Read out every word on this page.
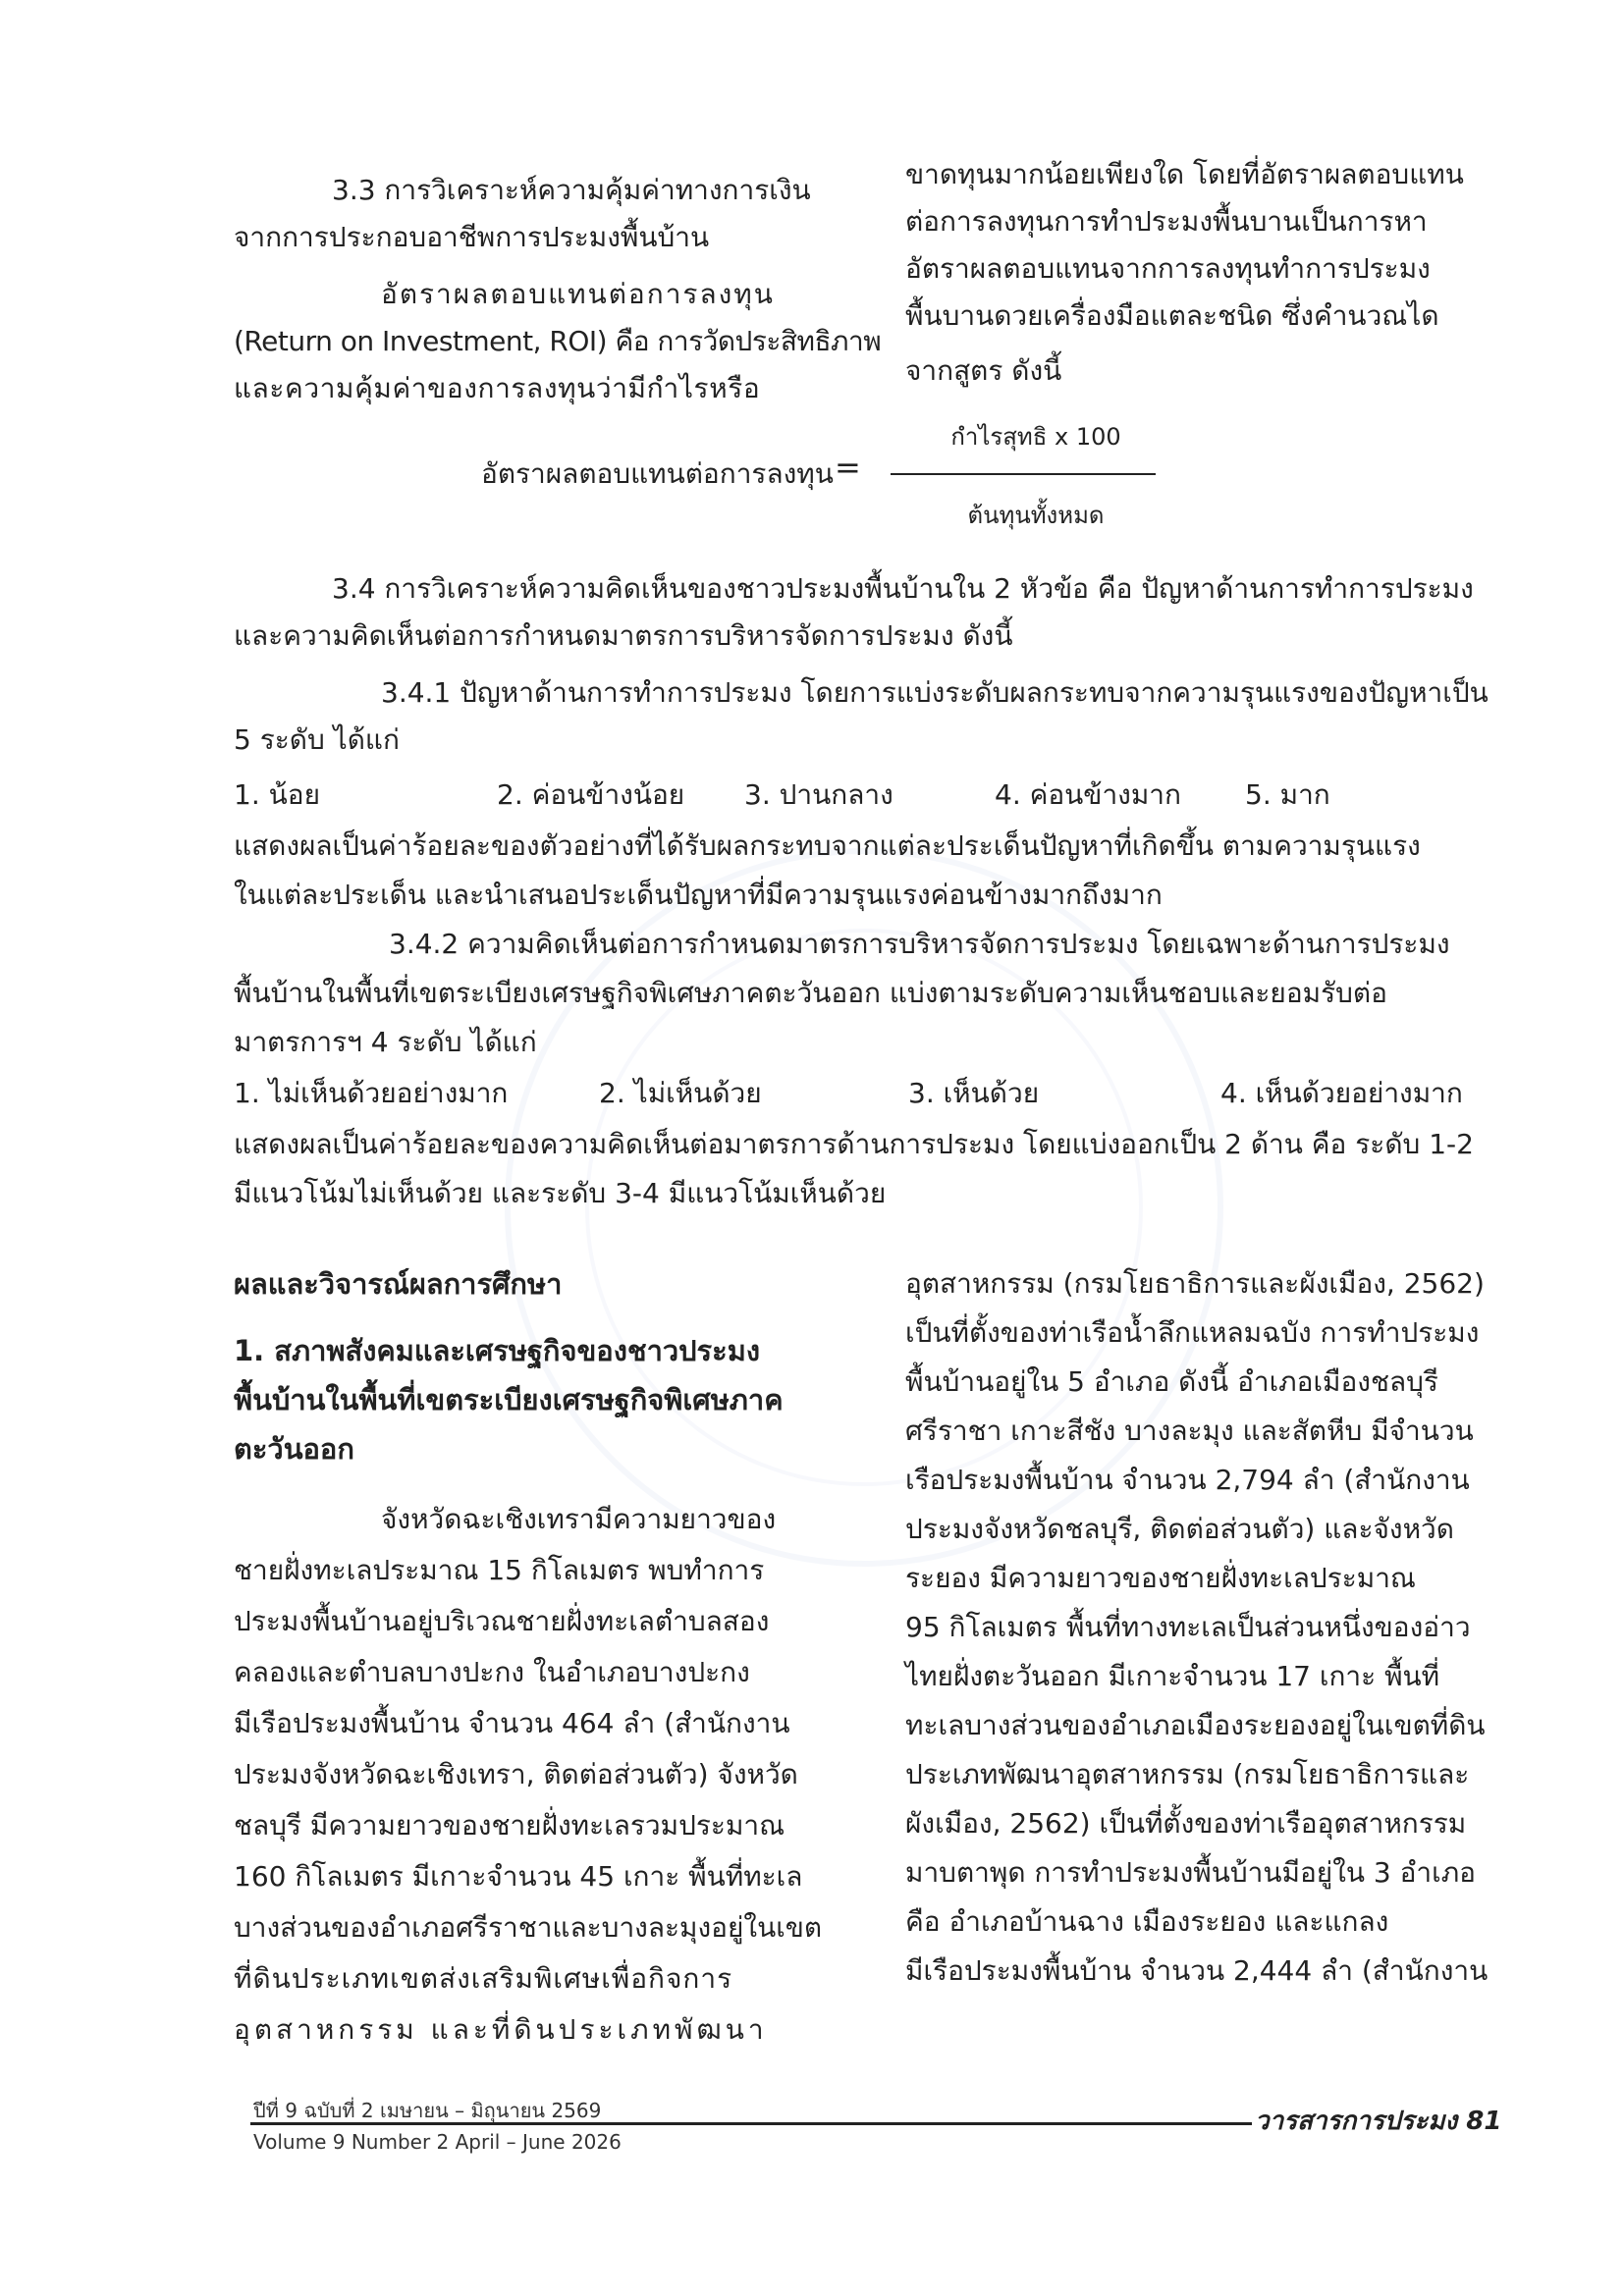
3.3 การวิเคราะห์ความคุ้มค่าทางการเงิน
จากการประกอบอาชีพการประมงพื้นบ้าน
อัตราผลตอบแทนต่อการลงทุน
(Return on Investment, ROI) คือ การวัดประสิทธิภาพ
และความคุ้มค่าของการลงทุนว่ามีกำไรหรือ
ขาดทุนมากน้อยเพียงใด โดยที่อัตราผลตอบแทน
ต่อการลงทุนการทำประมงพื้นบานเป็นการหา
อัตราผลตอบแทนจากการลงทุนทำการประมง
พื้นบานดวยเครื่องมือแตละชนิด ซึ่งคำนวณได
จากสูตร ดังนี้
อัตราผลตอบแทนต่อการลงทุน =
กำไรสุทธิ x 100
ต้นทุนทั้งหมด
3.4 การวิเคราะห์ความคิดเห็นของชาวประมงพื้นบ้านใน 2 หัวข้อ คือ ปัญหาด้านการทำการประมง
และความคิดเห็นต่อการกำหนดมาตรการบริหารจัดการประมง ดังนี้
3.4.1 ปัญหาด้านการทำการประมง โดยการแบ่งระดับผลกระทบจากความรุนแรงของปัญหาเป็น
5 ระดับ ได้แก่
1. น้อย	2. ค่อนข้างน้อย 3. ปานกลาง	4. ค่อนข้างมาก 5. มาก
แสดงผลเป็นค่าร้อยละของตัวอย่างที่ได้รับผลกระทบจากแต่ละประเด็นปัญหาที่เกิดขึ้น ตามความรุนแรง
ในแต่ละประเด็น และนำเสนอประเด็นปัญหาที่มีความรุนแรงค่อนข้างมากถึงมาก
3.4.2 ความคิดเห็นต่อการกำหนดมาตรการบริหารจัดการประมง โดยเฉพาะด้านการประมง
พื้นบ้านในพื้นที่เขตระเบียงเศรษฐกิจพิเศษภาคตะวันออก แบ่งตามระดับความเห็นชอบและยอมรับต่อ
มาตรการฯ 4 ระดับ ได้แก่
1. ไม่เห็นด้วยอย่างมาก	2. ไม่เห็นด้วย	3. เห็นด้วย	4. เห็นด้วยอย่างมาก
แสดงผลเป็นค่าร้อยละของความคิดเห็นต่อมาตรการด้านการประมง โดยแบ่งออกเป็น 2 ด้าน คือ ระดับ 1-2
มีแนวโน้มไม่เห็นด้วย และระดับ 3-4 มีแนวโน้มเห็นด้วย
ผลและวิจารณ์ผลการศึกษา
1. สภาพสังคมและเศรษฐกิจของชาวประมง
พื้นบ้านในพื้นที่เขตระเบียงเศรษฐกิจพิเศษภาค
ตะวันออก
จังหวัดฉะเชิงเทรามีความยาวของ
ชายฝั่งทะเลประมาณ 15 กิโลเมตร พบทำการ
ประมงพื้นบ้านอยู่บริเวณชายฝั่งทะเลตำบลสอง
คลองและตำบลบางปะกง ในอำเภอบางปะกง
มีเรือประมงพื้นบ้าน จำนวน 464 ลำ (สำนักงาน
ประมงจังหวัดฉะเชิงเทรา, ติดต่อส่วนตัว) จังหวัด
ชลบุรี มีความยาวของชายฝั่งทะเลรวมประมาณ
160 กิโลเมตร มีเกาะจำนวน 45 เกาะ พื้นที่ทะเล
บางส่วนของอำเภอศรีราชาและบางละมุงอยู่ในเขต
ที่ดินประเภทเขตส่งเสริมพิเศษเพื่อกิจการ
อุตสาหกรรม และที่ดินประเภทพัฒนา
อุตสาหกรรม (กรมโยธาธิการและผังเมือง, 2562)
เป็นที่ตั้งของท่าเรือน้ำลึกแหลมฉบัง การทำประมง
พื้นบ้านอยู่ใน 5 อำเภอ ดังนี้ อำเภอเมืองชลบุรี
ศรีราชา เกาะสีชัง บางละมุง และสัตหีบ มีจำนวน
เรือประมงพื้นบ้าน จำนวน 2,794 ลำ (สำนักงาน
ประมงจังหวัดชลบุรี, ติดต่อส่วนตัว) และจังหวัด
ระยอง มีความยาวของชายฝั่งทะเลประมาณ
95 กิโลเมตร พื้นที่ทางทะเลเป็นส่วนหนึ่งของอ่าว
ไทยฝั่งตะวันออก มีเกาะจำนวน 17 เกาะ พื้นที่
ทะเลบางส่วนของอำเภอเมืองระยองอยู่ในเขตที่ดิน
ประเภทพัฒนาอุตสาหกรรม (กรมโยธาธิการและ
ผังเมือง, 2562) เป็นที่ตั้งของท่าเรืออุตสาหกรรม
มาบตาพุด การทำประมงพื้นบ้านมีอยู่ใน 3 อำเภอ
คือ อำเภอบ้านฉาง เมืองระยอง และแกลง
มีเรือประมงพื้นบ้าน จำนวน 2,444 ลำ (สำนักงาน
ปีที่ 9 ฉบับที่ 2 เมษายน – มิถุนายน 2569
Volume 9 Number 2 April – June 2026
วารสารการประมง 81
